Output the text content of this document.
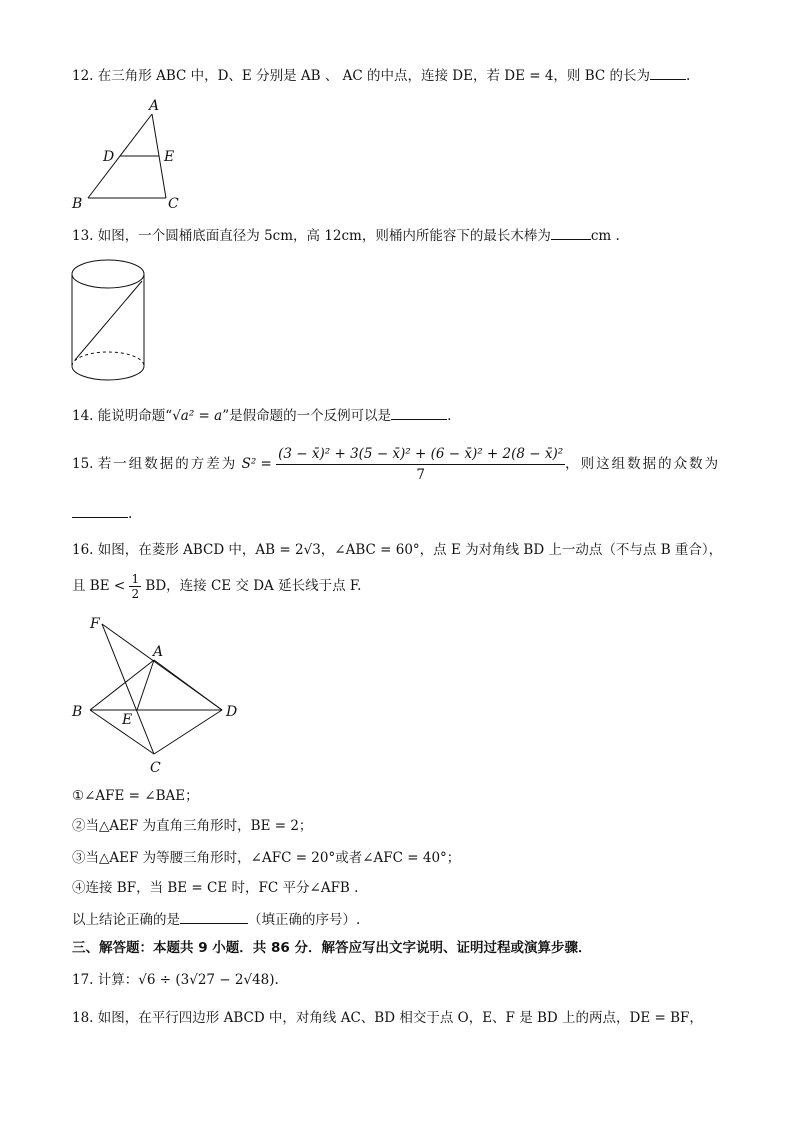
12. 在三角形 ABC 中，D、E 分别是 AB 、 AC 的中点，连接 DE，若 DE = 4，则 BC 的长为	.
A
D	E
B	C
13. 如图，一个圆桶底面直径为 5cm，高 12cm，则桶内所能容下的最长木棒为	cm .
14. 能说明命题“√a² = a”是假命题的一个反例可以是	.
15. 若一组数据的方差为 $S^2 = \frac{\text{(3 − x̄)² + 3(5 − x̄)² + (6 − x̄)² + 2(8 − x̄)²}}{7}$ ，则这组数据的众数为
.
16. 如图，在菱形 ABCD 中，AB = 2√3，∠ABC = 60°，点 E 为对角线 BD 上一动点（不与点 B 重合），
且 BE < $\frac{1}{2}$ BD，连接 CE 交 DA 延长线于点 F.
F
A
B	E	D
C
①∠AFE = ∠BAE；
②当△AEF 为直角三角形时，BE = 2；
③当△AEF 为等腰三角形时，∠AFC = 20°或者∠AFC = 40°；
④连接 BF，当 BE = CE 时，FC 平分∠AFB .
以上结论正确的是	（填正确的序号）.
三、解答题：本题共 9 小题．共 86 分．解答应写出文字说明、证明过程或演算步骤．
17. 计算：√6 ÷ (3√27 − 2√48).
18. 如图，在平行四边形 ABCD 中，对角线 AC、BD 相交于点 O，E、F 是 BD 上的两点，DE = BF，
